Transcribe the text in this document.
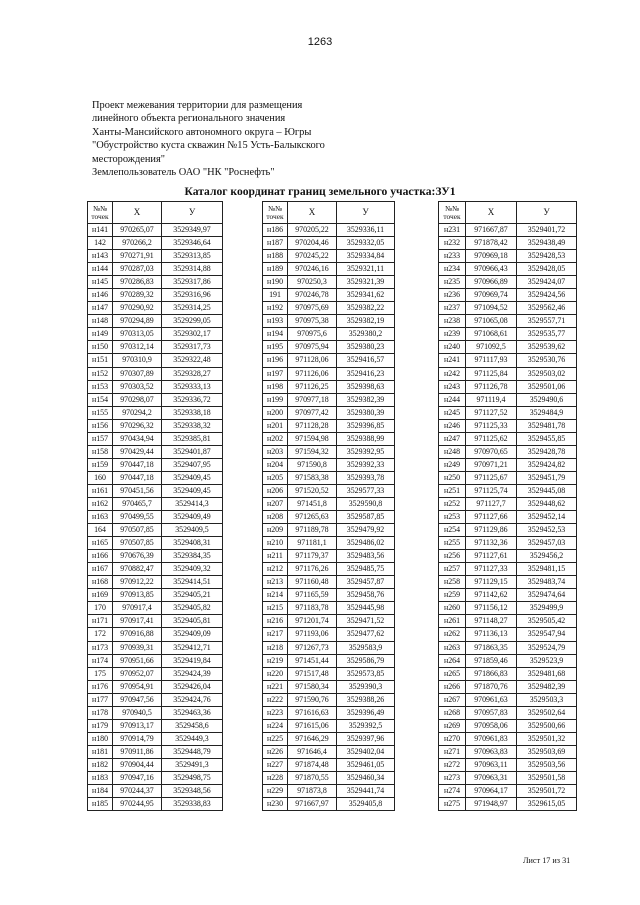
1263
Проект межевания территории для размещения
линейного объекта регионального значения
Ханты-Мансийского автономного округа – Югры
"Обустройство куста скважин №15 Усть-Балыкского
месторождения"
Землепользователь ОАО "НК "Роснефть"
Каталог координат границ земельного участка:ЗУ1
№№
точек	X	У
н141	970265,07	3529349,97
142	970266,2	3529346,64
н143	970271,91	3529313,85
н144	970287,03	3529314,88
н145	970286,83	3529317,86
н146	970289,32	3529316,96
н147	970290,92	3529314,25
н148	970294,89	3529299,05
н149	970313,05	3529302,17
н150	970312,14	3529317,73
н151	970310,9	3529322,48
н152	970307,89	3529328,27
н153	970303,52	3529333,13
н154	970298,07	3529336,72
н155	970294,2	3529338,18
н156	970296,32	3529338,32
н157	970434,94	3529385,81
н158	970429,44	3529401,87
н159	970447,18	3529407,95
160	970447,18	3529409,45
н161	970451,56	3529409,45
н162	970465,7	3529414,3
н163	970499,55	3529409,49
164	970507,85	3529409,5
н165	970507,85	3529408,31
н166	970676,39	3529384,35
н167	970882,47	3529409,32
н168	970912,22	3529414,51
н169	970913,85	3529405,21
170	970917,4	3529405,82
н171	970917,41	3529405,81
172	970916,88	3529409,09
н173	970939,31	3529412,71
н174	970951,66	3529419,84
175	970952,07	3529424,39
н176	970954,91	3529426,04
н177	970947,56	3529424,76
н178	970940,5	3529463,36
н179	970913,17	3529458,6
н180	970914,79	3529449,3
н181	970911,86	3529448,79
н182	970904,44	3529491,3
н183	970947,16	3529498,75
н184	970244,37	3529348,56
н185	970244,95	3529338,83
№№
точек	X	У
н186	970205,22	3529336,11
н187	970204,46	3529332,05
н188	970245,22	3529334,84
н189	970246,16	3529321,11
н190	970250,3	3529321,39
191	970246,78	3529341,62
н192	970975,69	3529382,22
н193	970975,38	3529382,19
н194	970975,6	3529380,2
н195	970975,94	3529380,23
н196	971128,06	3529416,57
н197	971126,06	3529416,23
н198	971126,25	3529398,63
н199	970977,18	3529382,39
н200	970977,42	3529380,39
н201	971128,28	3529396,85
н202	971594,98	3529388,99
н203	971594,32	3529392,95
н204	971590,8	3529392,33
н205	971583,38	3529393,78
н206	971520,52	3529577,33
н207	971451,8	3529590,8
н208	971265,63	3529587,85
н209	971189,78	3529479,92
н210	971181,1	3529486,02
н211	971179,37	3529483,56
н212	971176,26	3529485,75
н213	971160,48	3529457,87
н214	971165,59	3529458,76
н215	971183,78	3529445,98
н216	971201,74	3529471,52
н217	971193,06	3529477,62
н218	971267,73	3529583,9
н219	971451,44	3529586,79
н220	971517,48	3529573,85
н221	971580,34	3529390,3
н222	971590,76	3529388,26
н223	971616,63	3529396,49
н224	971615,06	3529392,5
н225	971646,29	3529397,96
н226	971646,4	3529402,04
н227	971874,48	3529461,05
н228	971870,55	3529460,34
н229	971873,8	3529441,74
н230	971667,97	3529405,8
№№
точек	X	У
н231	971667,87	3529401,72
н232	971878,42	3529438,49
н233	970969,18	3529428,53
н234	970966,43	3529428,05
н235	970966,89	3529424,07
н236	970969,74	3529424,56
н237	971094,52	3529562,46
н238	971065,08	3529557,71
н239	971068,61	3529535,77
н240	971092,5	3529539,62
н241	971117,93	3529530,76
н242	971125,84	3529503,02
н243	971126,78	3529501,06
н244	971119,4	3529490,6
н245	971127,52	3529484,9
н246	971125,33	3529481,78
н247	971125,62	3529455,85
н248	970970,65	3529428,78
н249	970971,21	3529424,82
н250	971125,67	3529451,79
н251	971125,74	3529445,08
н252	971127,7	3529448,62
н253	971127,66	3529452,14
н254	971129,86	3529452,53
н255	971132,36	3529457,03
н256	971127,61	3529456,2
н257	971127,33	3529481,15
н258	971129,15	3529483,74
н259	971142,62	3529474,64
н260	971156,12	3529499,9
н261	971148,27	3529505,42
н262	971136,13	3529547,94
н263	971863,35	3529524,79
н264	971859,46	3529523,9
н265	971866,83	3529481,68
н266	971870,76	3529482,39
н267	970961,63	3529503,3
н268	970957,83	3529502,64
н269	970958,06	3529500,66
н270	970961,83	3529501,32
н271	970963,83	3529503,69
н272	970963,11	3529503,56
н273	970963,31	3529501,58
н274	970964,17	3529501,72
н275	971948,97	3529615,05
Лист 17 из 31
